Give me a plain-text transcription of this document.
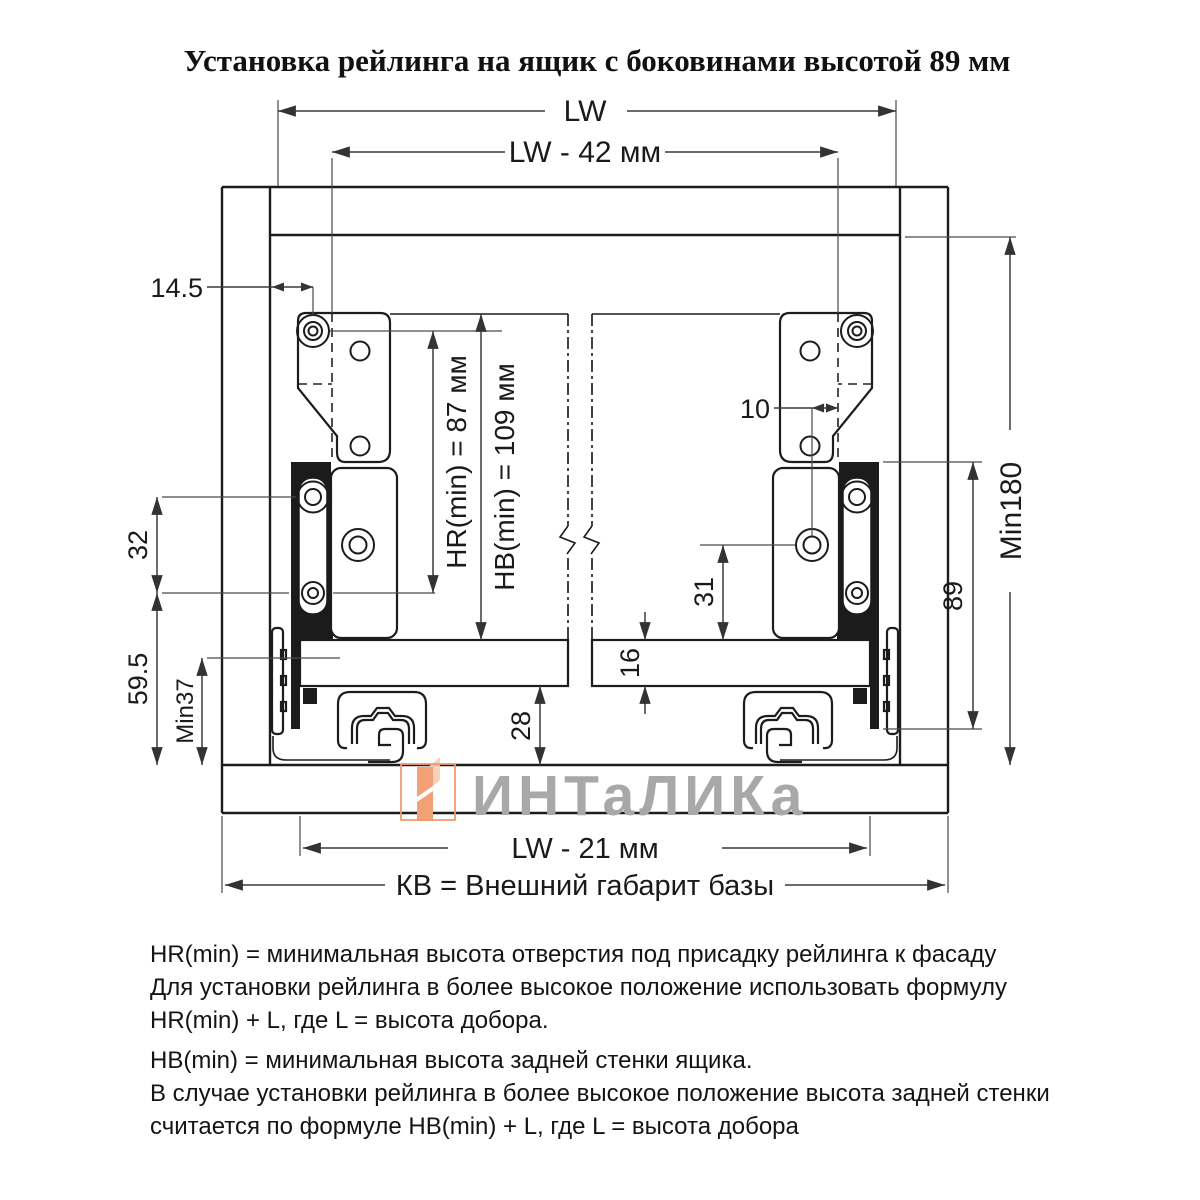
Установка рейлинга на ящик с боковинами высотой 89 мм
LW
LW - 42 мм
14.5
32
59.5 Min37	28
HR(min) = 87 мм HB(min) = 109 мм
16
31
10
89
Min180
LW - 21 мм
КВ = Внешний габарит базы
ИНТаЛИКа
HR(min) = минимальная высота отверстия под присадку рейлинга к фасаду
Для установки рейлинга в более высокое положение использовать формулу
HR(min) + L, где L = высота добора.
HB(min) = минимальная высота задней стенки ящика.
В случае установки рейлинга в более высокое положение высота задней стенки
считается по формуле HB(min) + L, где L = высота добора
